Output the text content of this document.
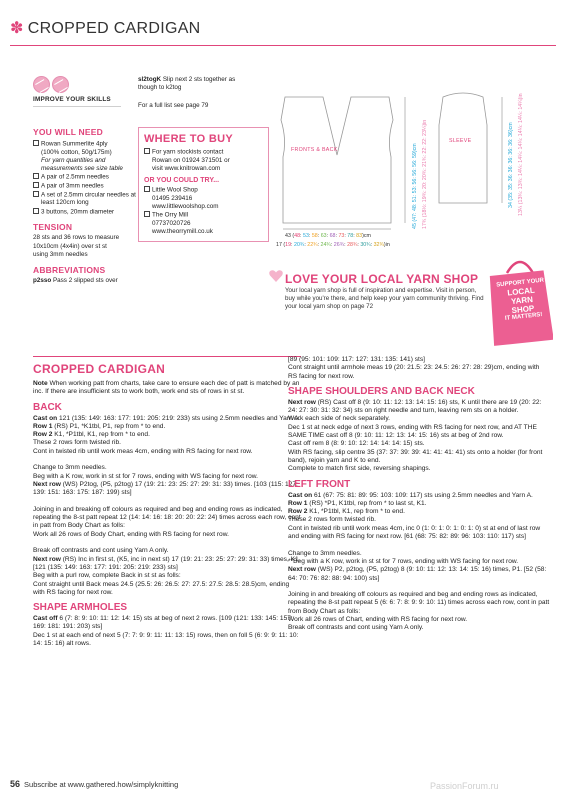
✽ CROPPED CARDIGAN
IMPROVE YOUR SKILLS
YOU WILL NEED
Rowan Summerlite 4ply
(100% cotton, 50g/175m)
For yarn quantities and
measurements see size table
A pair of 2.5mm needles
A pair of 3mm needles
A set of 2.5mm circular needles at
least 120cm long
3 buttons, 20mm diameter
TENSION
28 sts and 36 rows to measure
10x10cm (4x4in) over st st
using 3mm needles
ABBREVIATIONS
p2sso Pass 2 slipped sts over
sl2togK Slip next 2 sts together as
though to k2tog
For a full list see page 79
WHERE TO BUY
For yarn stockists contact
Rowan on 01924 371501 or
visit www.knitrowan.com
OR YOU COULD TRY...
Little Wool Shop
01495 239416
www.littlewoolshop.com
The Orry Mill
07737020726
www.theorrymill.co.uk
FRONTS & BACK
SLEEVE
43 (48: 53: 58: 63: 68: 73: 78: 83)cm
17 (19: 20¾: 22¾: 24¾: 26¾: 28¾: 30¾: 32¾)in
45 (47: 48: 51: 53: 56: 56: 56: 59)cm 17¾ (18½: 19¾: 20: 20¾: 21¾: 22: 22: 23¼)in	34 (35: 35: 36: 36: 36: 36: 36: 36)cm 13¼ (13¾: 13¾: 14¼: 14¼: 14¼: 14¼: 14¼: 14¼)in
LOVE YOUR LOCAL YARN SHOP
Your local yarn shop is full of inspiration and expertise. Visit in person, buy while you're there, and help keep your yarn community thriving. Find your local yarn shop on page 72
SUPPORT YOUR
LOCAL
YARN
SHOP
IT MATTERS!
CROPPED CARDIGAN

Note When working patt from charts, take care to ensure each dec of patt is matched by an inc. If there are insufficient sts to work both, work end sts of rows in st st.

BACK

Cast on 121 (135: 149: 163: 177: 191: 205: 219: 233) sts using 2.5mm needles and Yarn A.

Row 1 (RS) P1, *K1tbl, P1, rep from * to end.

Row 2 K1, *P1tbl, K1, rep from * to end.

These 2 rows form twisted rib.

Cont in twisted rib until work meas 4cm, ending with RS facing for next row.

Change to 3mm needles.

Beg with a K row, work in st st for 7 rows, ending with WS facing for next row.

Next row (WS) P2tog, (P5, p2tog) 17 (19: 21: 23: 25: 27: 29: 31: 33) times. [103 (115: 127: 139: 151: 163: 175: 187: 199) sts]

Joining in and breaking off colours as required and beg and ending rows as indicated, repeating the 8-st patt repeat 12 (14: 14: 16: 18: 20: 20: 22: 24) times across each row, cont in patt from Body Chart as folls:

Work all 26 rows of Body Chart, ending with RS facing for next row.

Break off contrasts and cont using Yarn A only.

Next row (RS) Inc in first st, (K5, inc in next st) 17 (19: 21: 23: 25: 27: 29: 31: 33) times, K1. [121 (135: 149: 163: 177: 191: 205: 219: 233) sts]

Beg with a purl row, complete Back in st st as folls:

Cont straight until Back meas 24.5 (25.5: 26: 26.5: 27: 27.5: 27.5: 28.5: 28.5)cm, ending with RS facing for next row.

SHAPE ARMHOLES

Cast off 6 (7: 8: 9: 10: 11: 12: 14: 15) sts at beg of next 2 rows. [109 (121: 133: 145: 157: 169: 181: 191: 203) sts]

Dec 1 st at each end of next 5 (7: 7: 9: 9: 11: 11: 13: 15) rows, then on foll 5 (6: 9: 9: 11: 10: 14: 15: 16) alt rows.

[89 (95: 101: 109: 117: 127: 131: 135: 141) sts]

Cont straight until armhole meas 19 (20: 21.5: 23: 24.5: 26: 27: 28: 29)cm, ending with RS facing for next row.

SHAPE SHOULDERS AND BACK NECK

Next row (RS) Cast off 8 (9: 10: 11: 12: 13: 14: 15: 16) sts, K until there are 19 (20: 22: 24: 27: 30: 31: 32: 34) sts on right needle and turn, leaving rem sts on a holder.

Work each side of neck separately.

Dec 1 st at neck edge of next 3 rows, ending with RS facing for next row, and AT THE SAME TIME cast off 8 (9: 10: 11: 12: 13: 14: 15: 16) sts at beg of 2nd row.

Cast off rem 8 (8: 9: 10: 12: 14: 14: 14: 15) sts.

With RS facing, slip centre 35 (37: 37: 39: 39: 41: 41: 41: 41) sts onto a holder (for front band), rejoin yarn and K to end.

Complete to match first side, reversing shapings.

LEFT FRONT

Cast on 61 (67: 75: 81: 89: 95: 103: 109: 117) sts using 2.5mm needles and Yarn A.

Row 1 (RS) *P1, K1tbl, rep from * to last st, K1.

Row 2 K1, *P1tbl, K1, rep from * to end.

These 2 rows form twisted rib.

Cont in twisted rib until work meas 4cm, inc 0 (1: 0: 1: 0: 1: 0: 1: 0) st at end of last row and ending with RS facing for next row. [61 (68: 75: 82: 89: 96: 103: 110: 117) sts]

Change to 3mm needles.

**Beg with a K row, work in st st for 7 rows, ending with WS facing for next row.

Next row (WS) P2, p2tog, (P5, p2tog) 8 (9: 10: 11: 12: 13: 14: 15: 16) times, P1. [52 (58: 64: 70: 76: 82: 88: 94: 100) sts]

Joining in and breaking off colours as required and beg and ending rows as indicated, repeating the 8-st patt repeat 5 (6: 6: 7: 8: 9: 9: 10: 11) times across each row, cont in patt from Body Chart as folls:

Work all 26 rows of Chart, ending with RS facing for next row.

Break off contrasts and cont using Yarn A only.

56 Subscribe at www.gathered.how/simplyknitting	PassionForum.ru
